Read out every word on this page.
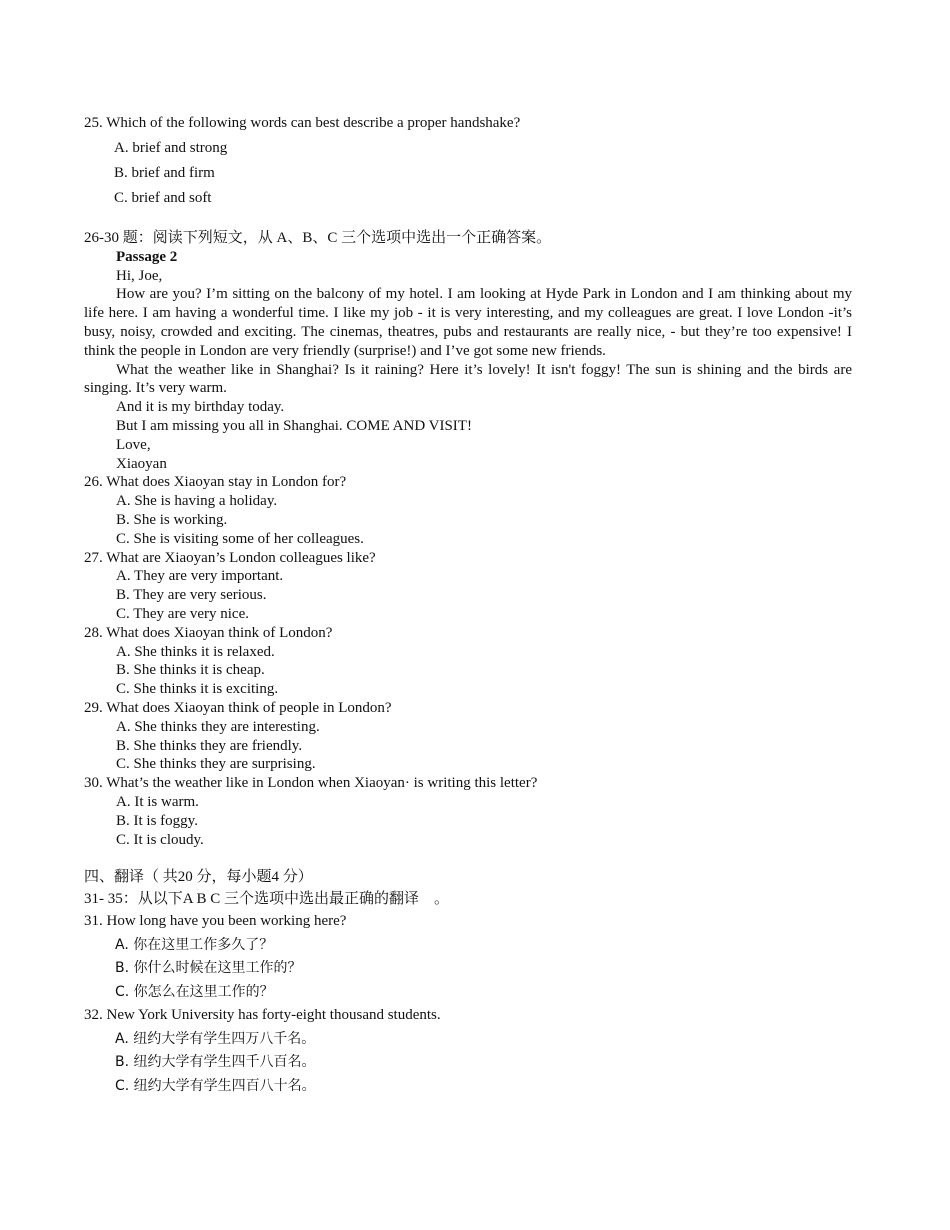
25. Which of the following words can best describe a proper handshake?
A. brief and strong
B. brief and firm
C. brief and soft
26-30 题：阅读下列短文，从 A、B、C 三个选项中选出一个正确答案。
Passage 2
Hi, Joe,
How are you? I’m sitting on the balcony of my hotel. I am looking at Hyde Park in London and I am thinking about my life here. I am having a wonderful time. I like my job - it is very interesting, and my colleagues are great. I love London -it’s busy, noisy, crowded and exciting. The cinemas, theatres, pubs and restaurants are really nice, - but they’re too expensive! I think the people in London are very friendly (surprise!) and I’ve got some new friends.
What the weather like in Shanghai? Is it raining? Here it’s lovely! It isn't foggy! The sun is shining and the birds are singing. It’s very warm.
And it is my birthday today.
But I am missing you all in Shanghai. COME AND VISIT!
Love,
Xiaoyan
26. What does Xiaoyan stay in London for?
A. She is having a holiday.
B. She is working.
C. She is visiting some of her colleagues.
27. What are Xiaoyan’s London colleagues like?
A. They are very important.
B. They are very serious.
C. They are very nice.
28. What does Xiaoyan think of London?
A. She thinks it is relaxed.
B. She thinks it is cheap.
C. She thinks it is exciting.
29. What does Xiaoyan think of people in London?
A. She thinks they are interesting.
B. She thinks they are friendly.
C. She thinks they are surprising.
30. What’s the weather like in London when Xiaoyan· is writing this letter?
A. It is warm.
B. It is foggy.
C. It is cloudy.
四、翻译（ 共20 分，每小题4 分）
31- 35：从以下A B C 三个选项中选出最正确的翻译　。
31. How long have you been working here?
A. 你在这里工作多久了？
B. 你什么时候在这里工作的？
C. 你怎么在这里工作的？
32. New York University has forty-eight thousand students.
A. 纽约大学有学生四万八千名。
B. 纽约大学有学生四千八百名。
C. 纽约大学有学生四百八十名。
